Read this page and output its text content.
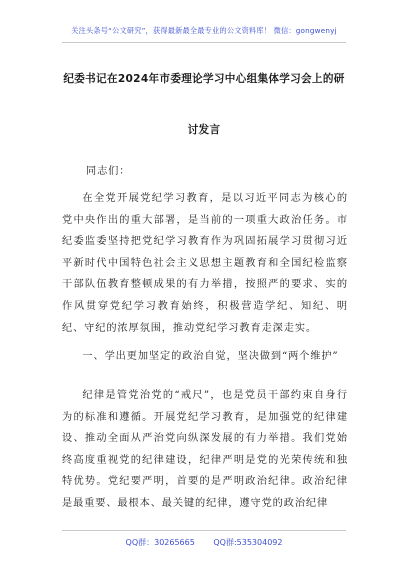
关注头条号“公文研究”，获得最新最全最专业的公文资料库！ 微信：gongwenyj
纪委书记在2024年市委理论学习中心组集体学习会上的研
讨发言
同志们：

在全党开展党纪学习教育，是以习近平同志为核心的党中央作出的重大部署，是当前的一项重大政治任务。市纪委监委坚持把党纪学习教育作为巩固拓展学习贯彻习近平新时代中国特色社会主义思想主题教育和全国纪检监察干部队伍教育整顿成果的有力举措，按照严的要求、实的作风贯穿党纪学习教育始终，积极营造学纪、知纪、明纪、守纪的浓厚氛围，推动党纪学习教育走深走实。

一、学出更加坚定的政治自觉，坚决做到“两个维护”

纪律是管党治党的“戒尺”，也是党员干部约束自身行为的标准和遵循。开展党纪学习教育，是加强党的纪律建设、推动全面从严治党向纵深发展的有力举措。我们党始终高度重视党的纪律建设，纪律严明是党的光荣传统和独特优势。党纪要严明，首要的是严明政治纪律。政治纪律是最重要、最根本、最关键的纪律，遵守党的政治纪律

QQ群：30265665 QQ群:535304092
